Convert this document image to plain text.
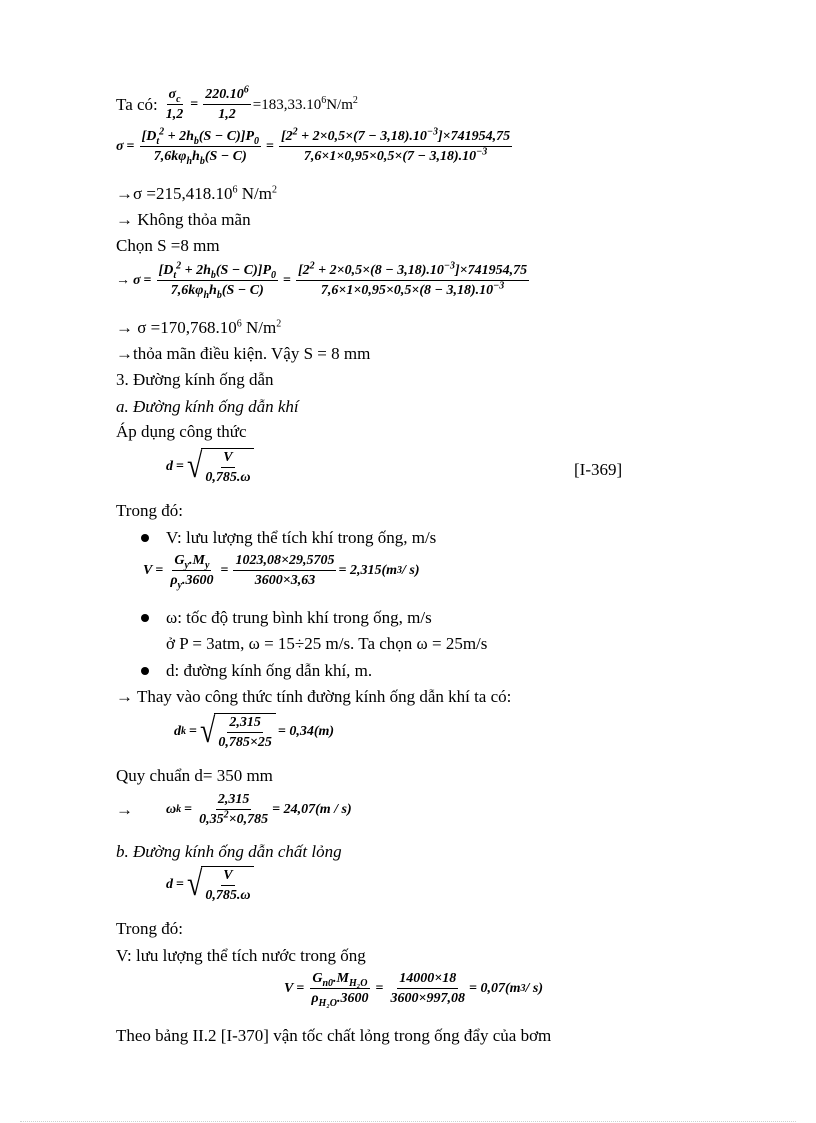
Ta có: $\frac{\sigma_c}{1,2} = \frac{220.10^6}{1,2} =183,33.10^6N/m^2$
$\sigma = \frac{[D_t^2 + 2h_b(S - C)]P_0}{7,6k\varphi_hh_b(S - C)} = \frac{[2^2 + 2\times 0,5\times(7 - 3,18).10^{-3}]\times 741954,75}{7,6\times 1\times 0,95\times 0,5\times(7 - 3,18).10^{-3}}$
$\to\sigma =215,418.10^6$ $N/m^2$
→ Không thỏa mãn
Chọn S =8 mm
→ $\sigma = \frac{[D_t^2 + 2h_b(S - C)]P_0}{7,6k\varphi_hh_b(S - C)} = \frac{[2^2 + 2\times 0,5\times(8 - 3,18).10^{-3}]\times 741954,75}{7,6\times 1\times 0,95\times 0,5\times(8 - 3,18).10^{-3}}$
→ $\sigma =170,768.10^6$ $N/m^2$
→thỏa mãn điều kiện. Vậy S = 8 mm
3. Đường kính ống dẫn
a. Đường kính ống dẫn khí
Áp dụng công thức
d = √ $\frac{V}{0,785.\omega}$	[I-369]
Trong đó:
V: lưu lượng thể tích khí trong ống, m/s
$V = \frac{G_y.M_y}{\rho_y.3600} = \frac{1023,08\times 29,5705}{3600\times 3,63} = 2,315(m$ 3 / s)
ω: tốc độ trung bình khí trong ống, m/s
ở P = 3atm, ω = 15÷25 m/s. Ta chọn ω = 25m/s
d: đường kính ống dẫn khí, m.
→ Thay vào công thức tính đường kính ống dẫn khí ta có:
d k = √ $\frac{2,315}{0,785\times 25} = 0,34(m)$
Quy chuẩn d= 350 mm
→ ω $k = \frac{2,315}{0,35^2\times 0,785} = 24,07(m / s)$
b. Đường kính ống dẫn chất lỏng
d = √ $\frac{V}{0,785.\omega}$
Trong đó:
V: lưu lượng thể tích nước trong ống
$V = \frac{G_{n0}.M_{H_2O}}{\rho_{H_2O}.3600} = \frac{14000\times 18}{3600\times 997,08} = 0,07(m$ 3 / s)
Theo bảng II.2 [I-370] vận tốc chất lỏng trong ống đẩy của bơm
